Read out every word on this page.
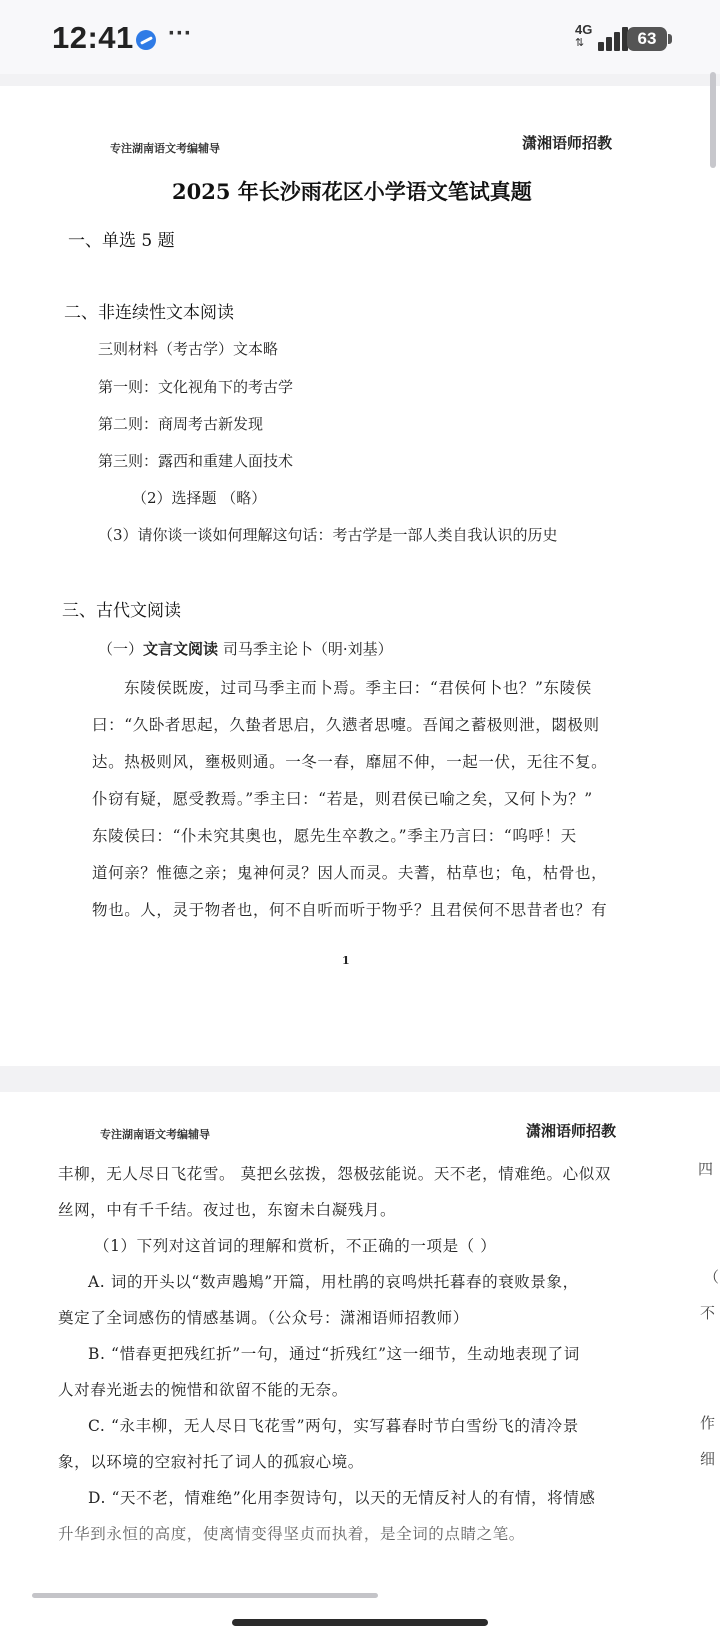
12:41 ···	4G
⇅	63
专注湖南语文考编辅导	潇湘语师招教
2025 年长沙雨花区小学语文笔试真题
一、单选 5 题
二、非连续性文本阅读
三则材料（考古学）文本略
第一则：文化视角下的考古学
第二则：商周考古新发现
第三则：露西和重建人面技术
（2）选择题 （略）
（3）请你谈一谈如何理解这句话：考古学是一部人类自我认识的历史
三、古代文阅读
（一）文言文阅读 司马季主论卜（明·刘基）
东陵侯既废，过司马季主而卜焉。季主曰：“君侯何卜也？”东陵侯
曰：“久卧者思起，久蛰者思启，久懑者思嚏。吾闻之蓄极则泄，閟极则
达。热极则风，壅极则通。一冬一春，靡屈不伸，一起一伏，无往不复。
仆窃有疑，愿受教焉。”季主曰：“若是，则君侯已喻之矣，又何卜为？”
东陵侯曰：“仆未究其奥也，愿先生卒教之。”季主乃言曰：“呜呼！天
道何亲？惟德之亲；鬼神何灵？因人而灵。夫蓍，枯草也；龟，枯骨也，
物也。人，灵于物者也，何不自听而听于物乎？且君侯何不思昔者也？有
1
专注湖南语文考编辅导	潇湘语师招教
丰柳，无人尽日飞花雪。 莫把幺弦拨，怨极弦能说。天不老，情难绝。心似双
丝网，中有千千结。夜过也，东窗未白凝残月。
（1）下列对这首词的理解和赏析，不正确的一项是（ ）
A. 词的开头以“数声鶗鴂”开篇，用杜鹃的哀鸣烘托暮春的衰败景象，
奠定了全词感伤的情感基调。（公众号：潇湘语师招教师）
B. “惜春更把残红折”一句，通过“折残红”这一细节，生动地表现了词
人对春光逝去的惋惜和欲留不能的无奈。
C. “永丰柳，无人尽日飞花雪”两句，实写暮春时节白雪纷飞的清冷景
象，以环境的空寂衬托了词人的孤寂心境。
D. “天不老，情难绝”化用李贺诗句，以天的无情反衬人的有情，将情感
升华到永恒的高度，使离情变得坚贞而执着，是全词的点睛之笔。
四
（
不
作
细
